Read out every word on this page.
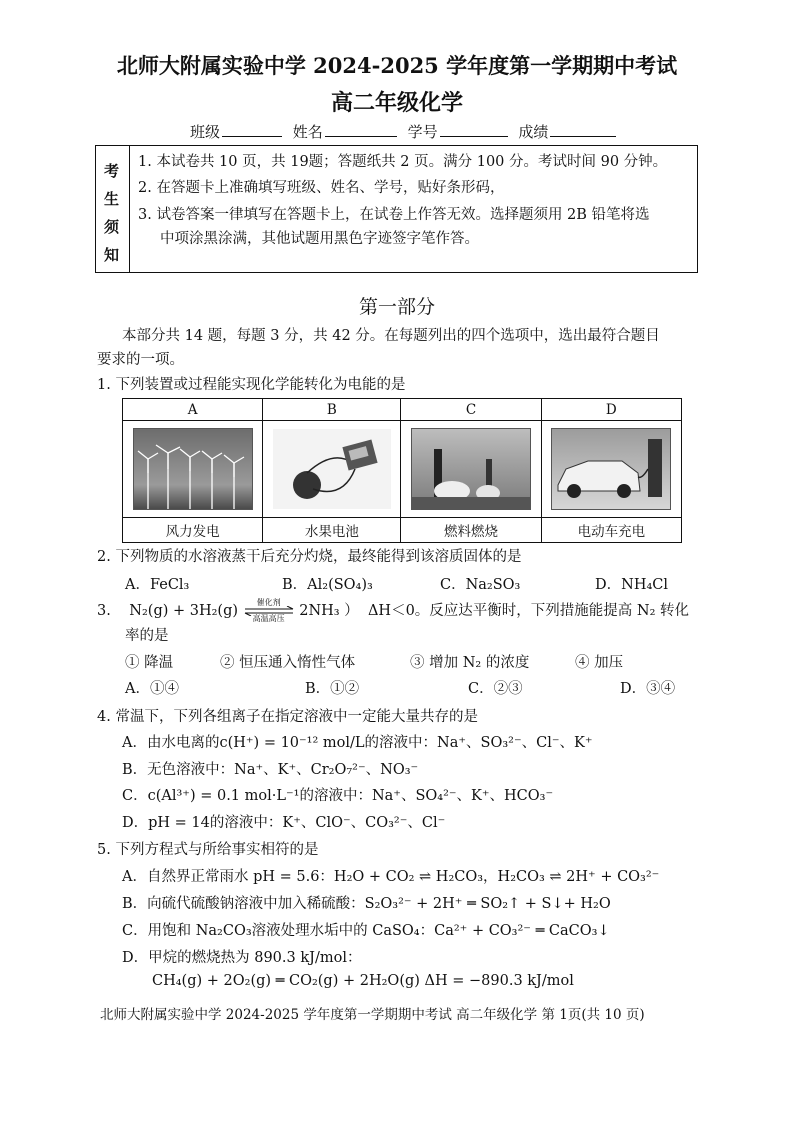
北师大附属实验中学 2024-2025 学年度第一学期期中考试
高二年级化学
班级	姓名	学号	成绩
考
生
须
知
1. 本试卷共 10 页，共 19题；答题纸共 2 页。满分 100 分。考试时间 90 分钟。
2. 在答题卡上准确填写班级、姓名、学号，贴好条形码，
3. 试卷答案一律填写在答题卡上，在试卷上作答无效。选择题须用 2B 铅笔将选
中项涂黑涂满，其他试题用黑色字迹签字笔作答。
第一部分
本部分共 14 题，每题 3 分，共 42 分。在每题列出的四个选项中，选出最符合题目
要求的一项。
1. 下列装置或过程能实现化学能转化为电能的是
A	B	C	D

风力发电	水果电池	燃料燃烧	电动车充电
2. 下列物质的水溶液蒸干后充分灼烧，最终能得到该溶质固体的是
A．FeCl₃	B．Al₂(SO₄)₃	C．Na₂SO₃	D．NH₄Cl
3. N₂(g) + 3H₂(g)
催化剂
高温高压	2NH₃ ） ΔH＜0。反应达平衡时，下列措施能提高 N₂ 转化
率的是
① 降温	② 恒压通入惰性气体	③ 增加 N₂ 的浓度	④ 加压
A．①④	B．①②	C．②③	D．③④
4. 常温下，下列各组离子在指定溶液中一定能大量共存的是
A．由水电离的c(H⁺) = 10⁻¹² mol/L的溶液中：Na⁺、SO₃²⁻、Cl⁻、K⁺
B．无色溶液中：Na⁺、K⁺、Cr₂O₇²⁻、NO₃⁻
C．c(Al³⁺) = 0.1 mol·L⁻¹的溶液中：Na⁺、SO₄²⁻、K⁺、HCO₃⁻
D．pH = 14的溶液中：K⁺、ClO⁻、CO₃²⁻、Cl⁻
5. 下列方程式与所给事实相符的是
A．自然界正常雨水 pH = 5.6：H₂O + CO₂ ⇌ H₂CO₃，H₂CO₃ ⇌ 2H⁺ + CO₃²⁻
B．向硫代硫酸钠溶液中加入稀硫酸：S₂O₃²⁻ + 2H⁺ ═ SO₂↑ + S↓+ H₂O
C．用饱和 Na₂CO₃溶液处理水垢中的 CaSO₄：Ca²⁺ + CO₃²⁻ ═ CaCO₃↓
D．甲烷的燃烧热为 890.3 kJ/mol：
CH₄(g) + 2O₂(g) ═ CO₂(g) + 2H₂O(g) ΔH = −890.3 kJ/mol
北师大附属实验中学 2024-2025 学年度第一学期期中考试 高二年级化学 第 1页(共 10 页)
